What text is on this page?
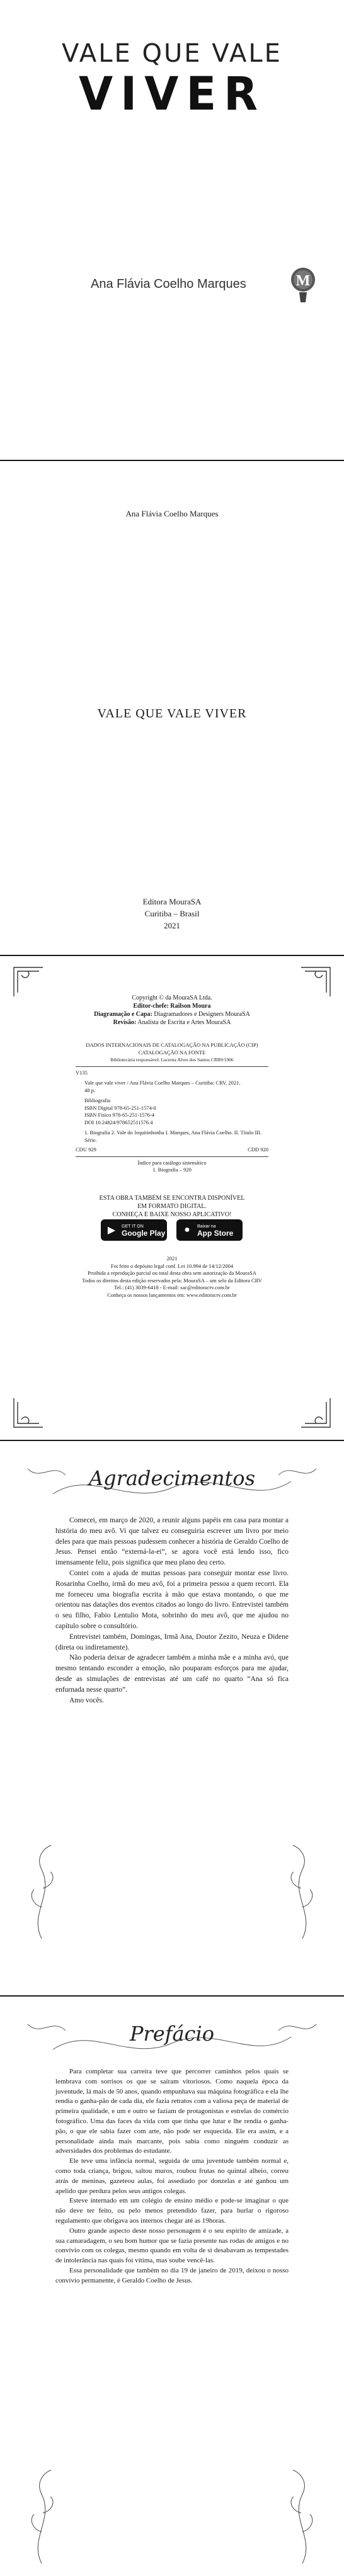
VALE QUE VALE
VIVER
Ana Flávia Coelho Marques	M
Ana Flávia Coelho Marques
VALE QUE VALE VIVER
Editora MouraSA
Curitiba – Brasil
2021
Copyright © da MouraSA Ltda.
Editor-chefe: Railson Moura
Diagramação e Capa: Diagramadores e Designers MouraSA
Revisão: Analista de Escrita e Artes MouraSA
DADOS INTERNACIONAIS DE CATALOGAÇÃO NA PUBLICAÇÃO (CIP)
CATALOGAÇÃO NA FONTE
Bibliotecária responsável: Lucerna Alves dos Santos CRB9/1906
V135
Vale que vale viver / Ana Flávia Coelho Marques – Curitiba: CRV, 2021.
48 p.
Bibliografia
ISBN Digital 978-65-251-1574-0
ISBN Físico 978-65-251-1576-4
DOI 10.24824/978652511576.4
1. Biografia 2. Vale do Jequitinhonha I. Marques, Ana Flávia Coelho. II. Título III. Série.
CDU 929	CDD 920
Índice para catálogo sistemático
1. Biografia – 920
ESTA OBRA TAMBÉM SE ENCONTRA DISPONÍVEL
EM FORMATO DIGITAL.
CONHEÇA E BAIXE NOSSO APLICATIVO!
▶	GET IT ON
Google Play ●	Baixar na
App Store
2021
Foi feito o depósito legal conf. Lei 10.994 de 14/12/2004
Proibida a reprodução parcial ou total desta obra sem autorização da MouraSA
Todos os direitos desta edição reservados pela: MouraSA – um selo da Editora CRV
Tel.: (41) 3039-6418 - E-mail: sac@editoracrv.com.br
Conheça os nossos lançamentos em: www.editoracrv.com.br
Agradecimentos

Comecei, em março de 2020, a reunir alguns papéis em casa para montar a história do meu avô. Vi que talvez eu conseguiria escrever um livro por meio deles para que mais pessoas pudessem conhecer a história de Geraldo Coelho de Jesus. Pensei então “externá-la-ei”, se agora você está lendo isso, fico imensamente feliz, pois significa que meu plano deu certo.

Contei com a ajuda de muitas pessoas para conseguir montar esse livro. Rosarinha Coelho, irmã do meu avô, foi a primeira pessoa a quem recorri. Ela me forneceu uma biografia escrita à mão que estava montando, o que me orientou nas datações dos eventos citados ao longo do livro. Entrevistei também o seu filho, Fabio Lentulio Mota, sobrinho do meu avô, que me ajudou no capítulo sobre o consultório.

Entrevistei também, Domingas, Irmã Ana, Doutor Zezito, Neuza e Didene (direta ou indiretamente).

Não poderia deixar de agradecer também a minha mãe e a minha avó, que mesmo tentando esconder a emoção, não pouparam esforços para me ajudar, desde as simulações de entrevistas até um café no quarto “Ana só fica enfurnada nesse quarto”.

Amo vocês.

Prefácio

Para completar sua carreira teve que percorrer caminhos pelos quais se lembrava com sorrisos os que se saíram vitoriosos. Como naquela época da juventude, lá mais de 50 anos, quando empunhava sua máquina fotográfica e ela lhe rendia o ganha-pão de cada dia, ele fazia retratos com a valiosa peça de material de primeira qualidade, e um e outro se faziam de protagonistas e estrelas do comércio fotográfico. Uma das faces da vida com que tinha que lutar e lhe rendia o ganha-pão, o que ele sabia fazer com arte, não pode ser esquecida. Ele era assim, e a personalidade ainda mais marcante, pois sabia como ninguém conduzir as adversidades dos problemas do estudante.

Ele teve uma infância normal, seguida de uma juventude também normal e, como toda criança, brigou, saltou muros, roubou frutas no quintal alheio, correu atrás de meninas, gazeteou aulas, foi assediado por donzelas e até ganhou um apelido que perdura pelos seus antigos colegas.

Esteve internado em um colégio de ensino médio e pode-se imaginar o que não deve ter feito, ou pelo menos pretendido fazer, para burlar o rigoroso regulamento que obrigava aos internos chegar até as 19horas.

Outro grande aspecto deste nosso personagem é o seu espírito de amizade, a sua camaradagem, o seu bom humor que se fazia presente nas rodas de amigos e no convívio com os colegas, mesmo quando em volta de si desabavam as tempestades de intolerância nas quais foi vítima, mas soube vencê-las.

Essa personalidade que também no dia 19 de janeiro de 2019, deixou o nosso convívio permanente, é Geraldo Coelho de Jesus.
